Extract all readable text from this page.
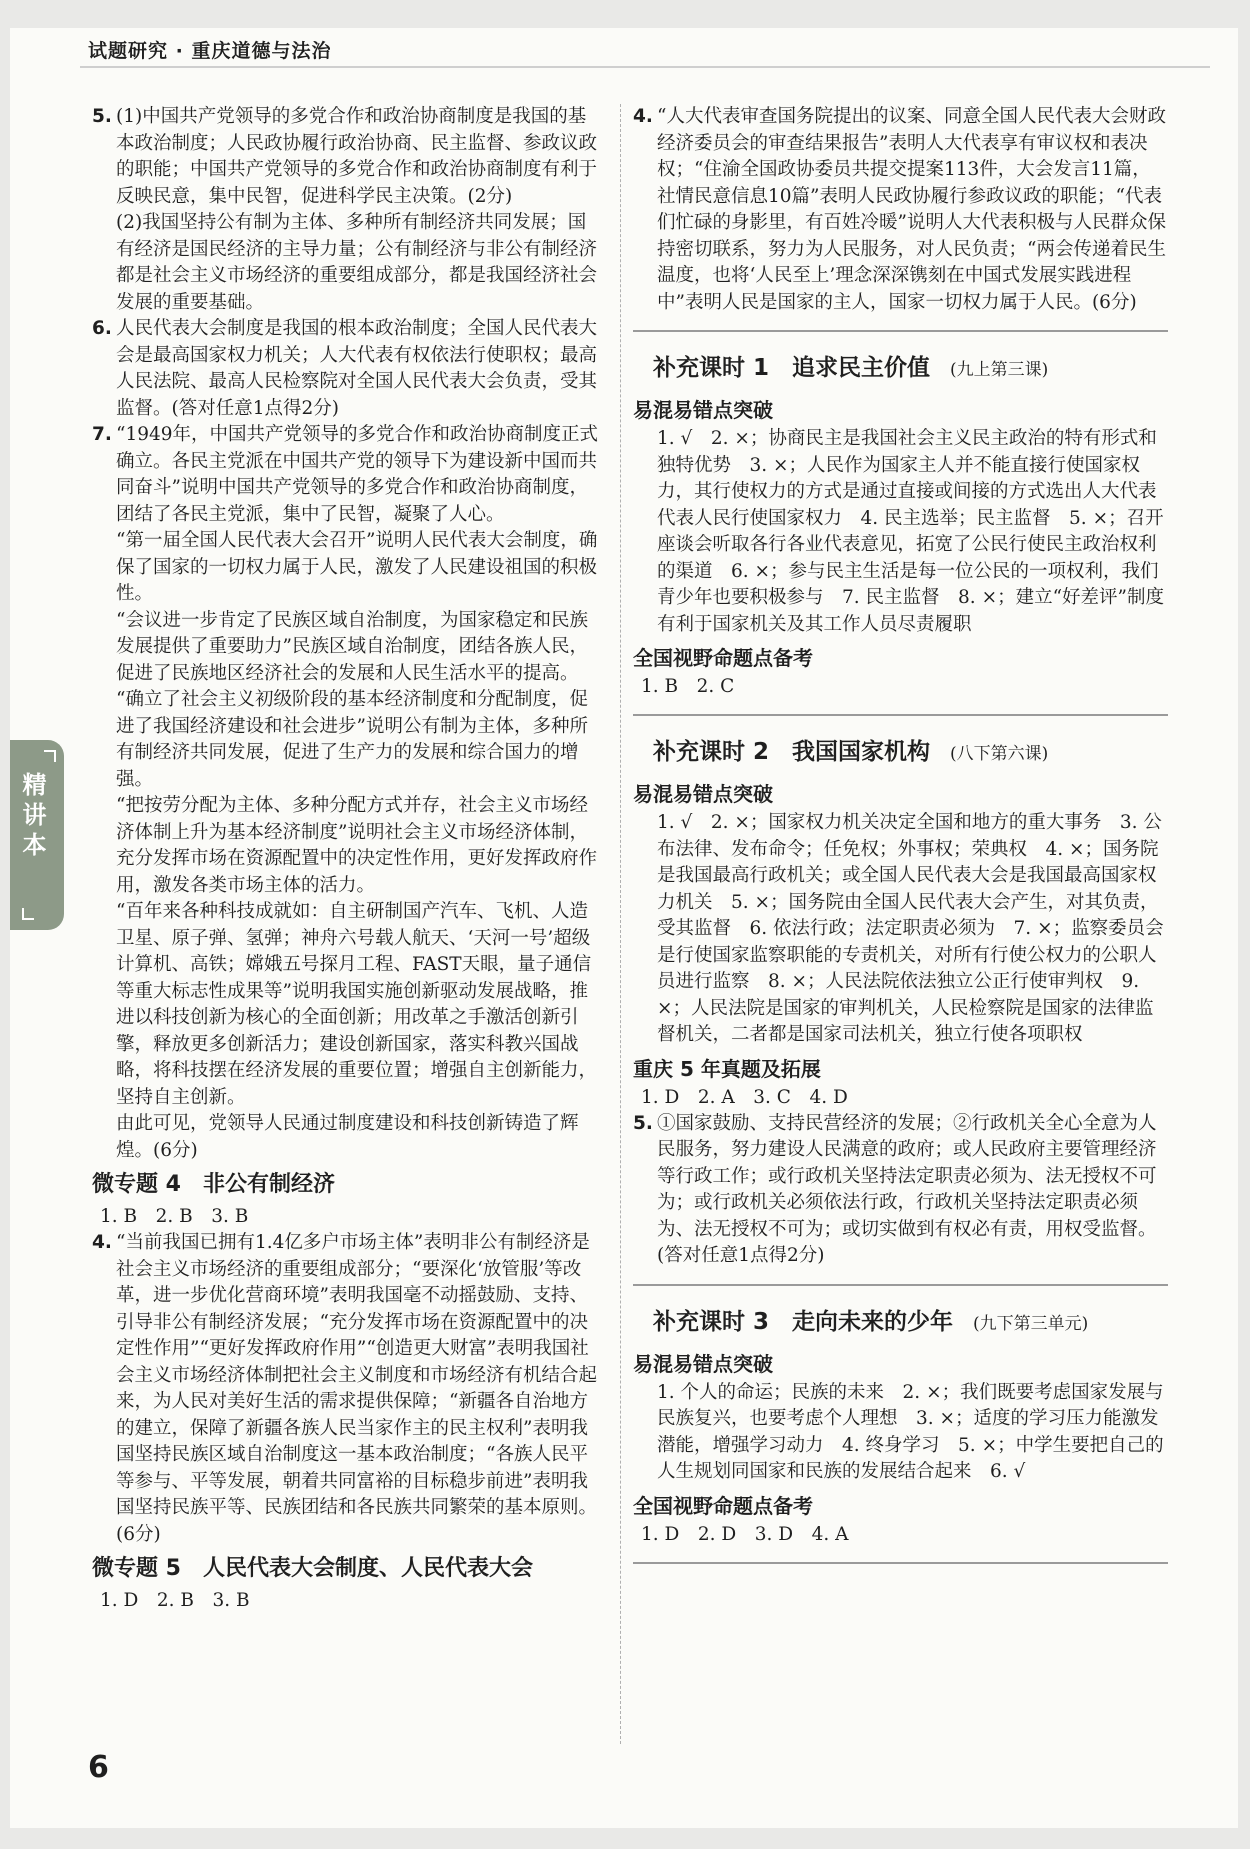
试题研究 · 重庆道德与法治
精讲本
5. (1)中国共产党领导的多党合作和政治协商制度是我国的基本政治制度；人民政协履行政治协商、民主监督、参政议政的职能；中国共产党领导的多党合作和政治协商制度有利于反映民意，集中民智，促进科学民主决策。(2分)
(2)我国坚持公有制为主体、多种所有制经济共同发展；国有经济是国民经济的主导力量；公有制经济与非公有制经济都是社会主义市场经济的重要组成部分，都是我国经济社会发展的重要基础。
6. 人民代表大会制度是我国的根本政治制度；全国人民代表大会是最高国家权力机关；人大代表有权依法行使职权；最高人民法院、最高人民检察院对全国人民代表大会负责，受其监督。(答对任意1点得2分)
7. “1949年，中国共产党领导的多党合作和政治协商制度正式确立。各民主党派在中国共产党的领导下为建设新中国而共同奋斗”说明中国共产党领导的多党合作和政治协商制度，团结了各民主党派，集中了民智，凝聚了人心。
“第一届全国人民代表大会召开”说明人民代表大会制度，确保了国家的一切权力属于人民，激发了人民建设祖国的积极性。
“会议进一步肯定了民族区域自治制度，为国家稳定和民族发展提供了重要助力”民族区域自治制度，团结各族人民，促进了民族地区经济社会的发展和人民生活水平的提高。
“确立了社会主义初级阶段的基本经济制度和分配制度，促进了我国经济建设和社会进步”说明公有制为主体，多种所有制经济共同发展，促进了生产力的发展和综合国力的增强。
“把按劳分配为主体、多种分配方式并存，社会主义市场经济体制上升为基本经济制度”说明社会主义市场经济体制，充分发挥市场在资源配置中的决定性作用，更好发挥政府作用，激发各类市场主体的活力。
“百年来各种科技成就如：自主研制国产汽车、飞机、人造卫星、原子弹、氢弹；神舟六号载人航天、‘天河一号’超级计算机、高铁；嫦娥五号探月工程、FAST天眼，量子通信等重大标志性成果等”说明我国实施创新驱动发展战略，推进以科技创新为核心的全面创新；用改革之手激活创新引擎，释放更多创新活力；建设创新国家，落实科教兴国战略，将科技摆在经济发展的重要位置；增强自主创新能力，坚持自主创新。
由此可见，党领导人民通过制度建设和科技创新铸造了辉煌。(6分)
微专题 4　非公有制经济
1. B　2. B　3. B
4. “当前我国已拥有1.4亿多户市场主体”表明非公有制经济是社会主义市场经济的重要组成部分；“要深化‘放管服’等改革，进一步优化营商环境”表明我国毫不动摇鼓励、支持、引导非公有制经济发展；“充分发挥市场在资源配置中的决定性作用”“更好发挥政府作用”“创造更大财富”表明我国社会主义市场经济体制把社会主义制度和市场经济有机结合起来，为人民对美好生活的需求提供保障；“新疆各自治地方的建立，保障了新疆各族人民当家作主的民主权利”表明我国坚持民族区域自治制度这一基本政治制度；“各族人民平等参与、平等发展，朝着共同富裕的目标稳步前进”表明我国坚持民族平等、民族团结和各民族共同繁荣的基本原则。(6分)
微专题 5　人民代表大会制度、人民代表大会
1. D　2. B　3. B
4. “人大代表审查国务院提出的议案、同意全国人民代表大会财政经济委员会的审查结果报告”表明人大代表享有审议权和表决权；“住渝全国政协委员共提交提案113件，大会发言11篇，社情民意信息10篇”表明人民政协履行参政议政的职能；“代表们忙碌的身影里，有百姓冷暖”说明人大代表积极与人民群众保持密切联系，努力为人民服务，对人民负责；“两会传递着民生温度，也将‘人民至上’理念深深镌刻在中国式发展实践进程中”表明人民是国家的主人，国家一切权力属于人民。(6分)
补充课时 1　追求民主价值 (九上第三课)
易混易错点突破
1. √　2. ×；协商民主是我国社会主义民主政治的特有形式和独特优势　3. ×；人民作为国家主人并不能直接行使国家权力，其行使权力的方式是通过直接或间接的方式选出人大代表代表人民行使国家权力　4. 民主选举；民主监督　5. ×；召开座谈会听取各行各业代表意见，拓宽了公民行使民主政治权利的渠道　6. ×；参与民主生活是每一位公民的一项权利，我们青少年也要积极参与　7. 民主监督　8. ×；建立“好差评”制度有利于国家机关及其工作人员尽责履职
全国视野命题点备考
1. B　2. C
补充课时 2　我国国家机构 (八下第六课)
易混易错点突破
1. √　2. ×；国家权力机关决定全国和地方的重大事务　3. 公布法律、发布命令；任免权；外事权；荣典权　4. ×；国务院是我国最高行政机关；或全国人民代表大会是我国最高国家权力机关　5. ×；国务院由全国人民代表大会产生，对其负责，受其监督　6. 依法行政；法定职责必须为　7. ×；监察委员会是行使国家监察职能的专责机关，对所有行使公权力的公职人员进行监察　8. ×；人民法院依法独立公正行使审判权　9. ×；人民法院是国家的审判机关，人民检察院是国家的法律监督机关，二者都是国家司法机关，独立行使各项职权
重庆 5 年真题及拓展
1. D　2. A　3. C　4. D
5. ①国家鼓励、支持民营经济的发展；②行政机关全心全意为人民服务，努力建设人民满意的政府；或人民政府主要管理经济等行政工作；或行政机关坚持法定职责必须为、法无授权不可为；或行政机关必须依法行政，行政机关坚持法定职责必须为、法无授权不可为；或切实做到有权必有责，用权受监督。(答对任意1点得2分)
补充课时 3　走向未来的少年 (九下第三单元)
易混易错点突破
1. 个人的命运；民族的未来　2. ×；我们既要考虑国家发展与民族复兴，也要考虑个人理想　3. ×；适度的学习压力能激发潜能，增强学习动力　4. 终身学习　5. ×；中学生要把自己的人生规划同国家和民族的发展结合起来　6. √
全国视野命题点备考
1. D　2. D　3. D　4. A
6
